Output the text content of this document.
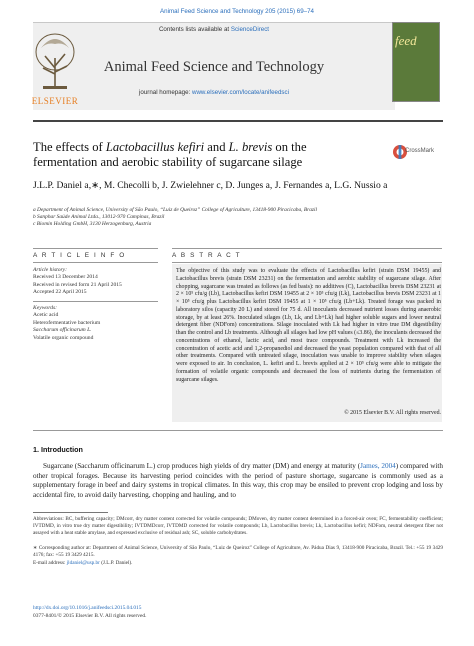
Animal Feed Science and Technology 205 (2015) 69–74
Contents lists available at ScienceDirect
Animal Feed Science and Technology
journal homepage: www.elsevier.com/locate/anifeedsci
ELSEVIER
feed
The effects of Lactobacillus kefiri and L. brevis on the fermentation and aerobic stability of sugarcane silage
CrossMark
J.L.P. Daniel a,∗, M. Checolli b, J. Zwielehner c, D. Junges a, J. Fernandes a, L.G. Nussio a
a Department of Animal Science, University of São Paulo, “Luiz de Queiroz” College of Agriculture, 13418-900 Piracicaba, Brazil
b Sanphar Saúde Animal Ltda., 13012-970 Campinas, Brazil
c Biomin Holding GmbH, 3130 Herzogenburg, Austria
A R T I C L E I N F O	A B S T R A C T
Article history:
Received 13 December 2014
Received in revised form 21 April 2015
Accepted 22 April 2015
Keywords:
Acetic acid
Heterofermentative bacterium
Saccharum officinarum L.
Volatile organic compound
The objective of this study was to evaluate the effects of Lactobacillus kefiri (strain DSM 19455) and Lactobacillus brevis (strain DSM 23231) on the fermentation and aerobic stability of sugarcane silage. After chopping, sugarcane was treated as follows (as fed basis): no additives (C), Lactobacillus brevis DSM 23231 at 2 × 10⁵ cfu/g (Lb), Lactobacillus kefiri DSM 19455 at 2 × 10⁵ cfu/g (Lk), Lactobacillus brevis DSM 23231 at 1 × 10⁵ cfu/g plus Lactobacillus kefiri DSM 19455 at 1 × 10⁵ cfu/g (Lb+Lk). Treated forage was packed in laboratory silos (capacity 20 L) and stored for 75 d. All inoculants decreased nutrient losses during anaerobic storage, by at least 26%. Inoculated silages (Lb, Lk, and Lb+Lk) had higher soluble sugars and lower neutral detergent fiber (NDFom) concentrations. Silage inoculated with Lk had higher in vitro true DM digestibility than the control and Lb treatments. Although all silages had low pH values (≤3.86), the inoculants decreased the concentrations of ethanol, lactic acid, and most trace compounds. Treatment with Lk increased the concentration of acetic acid and 1,2-propanediol and decreased the yeast population compared with that of all other treatments. Compared with untreated silage, inoculation was unable to improve stability when silages were exposed to air. In conclusion, L. kefiri and L. brevis applied at 2 × 10⁵ cfu/g were able to mitigate the formation of volatile organic compounds and decreased the loss of nutrients during the fermentation of sugarcane silages.
© 2015 Elsevier B.V. All rights reserved.
1. Introduction
Sugarcane (Saccharum officinarum L.) crop produces high yields of dry matter (DM) and energy at maturity (James, 2004) compared with other tropical forages. Because its harvesting period coincides with the period of pasture shortage, sugarcane is commonly used as a supplementary forage in beef and dairy systems in tropical climates. In this way, this crop may be ensiled to prevent crop lodging and loss by accidental fire, to avoid daily harvesting, chopping and hauling, and to
Abbreviations: BC, buffering capacity; DMcorr, dry matter content corrected for volatile compounds; DMoven, dry matter content determined in a forced-air oven; FC, fermentability coefficient; IVTDMD, in vitro true dry matter digestibility; IVTDMDcorr, IVTDMD corrected for volatile compounds; Lb, Lactobacillus brevis; Lk, Lactobacillus kefiri; NDFom, neutral detergent fiber not assayed with a heat stable amylase, and expressed exclusive of residual ash; SC, soluble carbohydrates.
∗ Corresponding author at: Department of Animal Science, University of São Paulo, “Luiz de Queiroz” College of Agriculture, Av. Pádua Dias 9, 13418-900 Piracicaba, Brazil. Tel.: +55 19 3429 4176; fax: +55 19 3429 4215.
E-mail address: jldaniel@usp.br (J.L.P. Daniel).
http://dx.doi.org/10.1016/j.anifeedsci.2015.04.015
0377-8401/© 2015 Elsevier B.V. All rights reserved.
